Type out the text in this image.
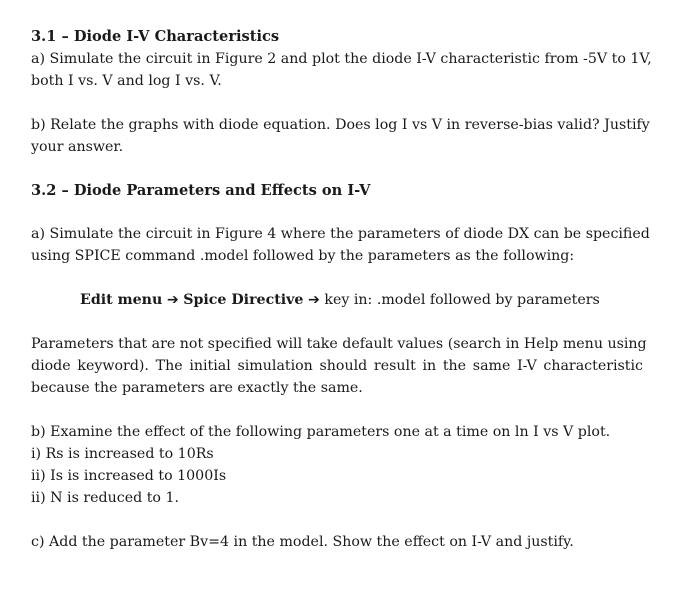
3.1 – Diode I-V Characteristics
a) Simulate the circuit in Figure 2 and plot the diode I-V characteristic from -5V to 1V,
both I vs. V and log I vs. V.
b) Relate the graphs with diode equation. Does log I vs V in reverse-bias valid? Justify
your answer.
3.2 – Diode Parameters and Effects on I-V
a) Simulate the circuit in Figure 4 where the parameters of diode DX can be specified
using SPICE command .model followed by the parameters as the following:
Edit menu ➔ Spice Directive ➔ key in: .model followed by parameters
Parameters that are not specified will take default values (search in Help menu using
diode keyword). The initial simulation should result in the same I-V characteristic
because the parameters are exactly the same.
b) Examine the effect of the following parameters one at a time on ln I vs V plot.
i) Rs is increased to 10Rs
ii) Is is increased to 1000Is
ii) N is reduced to 1.
c) Add the parameter Bv=4 in the model. Show the effect on I-V and justify.
